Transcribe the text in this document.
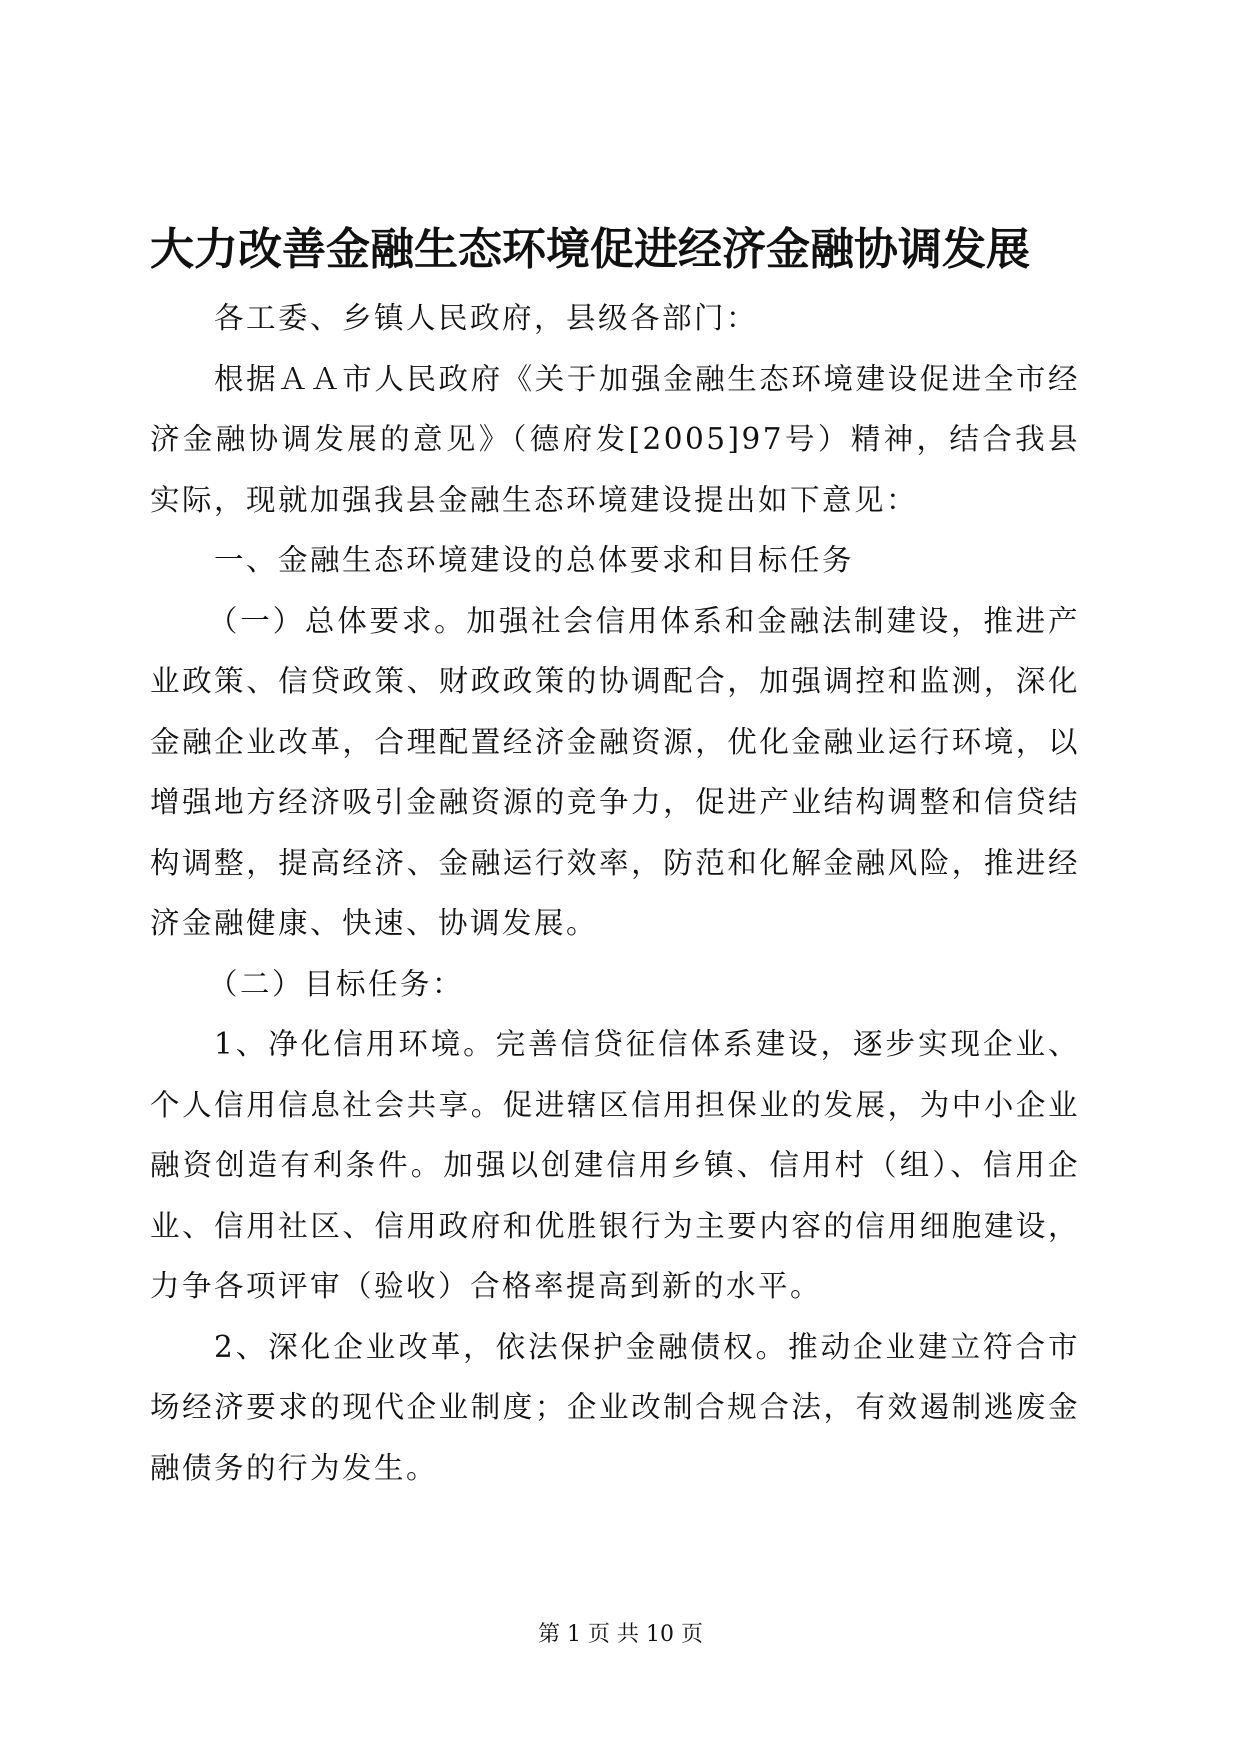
大力改善金融生态环境促进经济金融协调发展

各工委、乡镇人民政府，县级各部门：

根据ＡＡ市人民政府《关于加强金融生态环境建设促进全市经济金融协调发展的意见》（德府发[2005]97号）精神，结合我县实际，现就加强我县金融生态环境建设提出如下意见：

一、金融生态环境建设的总体要求和目标任务

（一）总体要求。加强社会信用体系和金融法制建设，推进产业政策、信贷政策、财政政策的协调配合，加强调控和监测，深化金融企业改革，合理配置经济金融资源，优化金融业运行环境，以增强地方经济吸引金融资源的竞争力，促进产业结构调整和信贷结构调整，提高经济、金融运行效率，防范和化解金融风险，推进经济金融健康、快速、协调发展。

（二）目标任务：

1、净化信用环境。完善信贷征信体系建设，逐步实现企业、个人信用信息社会共享。促进辖区信用担保业的发展，为中小企业融资创造有利条件。加强以创建信用乡镇、信用村（组）、信用企业、信用社区、信用政府和优胜银行为主要内容的信用细胞建设，力争各项评审（验收）合格率提高到新的水平。

2、深化企业改革，依法保护金融债权。推动企业建立符合市场经济要求的现代企业制度；企业改制合规合法，有效遏制逃废金融债务的行为发生。

第 1 页 共 10 页
